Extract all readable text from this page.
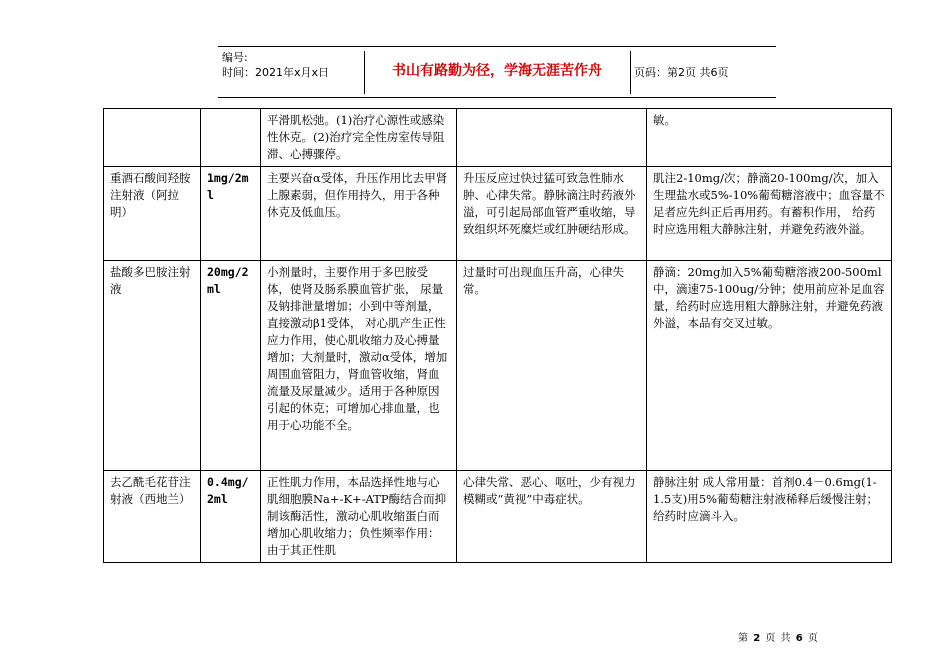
编号:
时间：2021年x月x日	书山有路勤为径，学海无涯苦作舟	页码：第2页 共6页
		平滑肌松弛。(1)治疗心源性或感染性休克。(2)治疗完全性房室传导阻滞、心搏骤停。		敏。
重酒石酸间羟胺注射液（阿拉明）	1mg/2ml	主要兴奋α受体，升压作用比去甲肾上腺素弱，但作用持久，用于各种休克及低血压。	升压反应过快过猛可致急性肺水肿、心律失常。静脉滴注时药液外溢，可引起局部血管严重收缩，导致组织坏死糜烂或红肿硬结形成。	肌注2-10mg/次；静滴20-100mg/次，加入生理盐水或5%-10%葡萄糖溶液中；血容量不足者应先纠正后再用药。有蓄积作用， 给药时应选用粗大静脉注射，并避免药液外溢。
盐酸多巴胺注射液	20mg/2ml	小剂量时，主要作用于多巴胺受体，使肾及肠系膜血管扩张， 尿量及钠排泄量增加；小到中等剂量，直接激动β1受体， 对心肌产生正性应力作用，使心肌收缩力及心搏量增加；大剂量时，激动α受体，增加周围血管阻力，肾血管收缩，肾血流量及尿量减少。适用于各种原因引起的休克；可增加心排血量，也用于心功能不全。	过量时可出现血压升高，心律失常。	静滴：20mg加入5%葡萄糖溶液200-500ml中，滴速75-100ug/分钟；使用前应补足血容量，给药时应选用粗大静脉注射，并避免药液外溢，本品有交叉过敏。
去乙酰毛花苷注射液（西地兰）	0.4mg/2ml	正性肌力作用，本品选择性地与心肌细胞膜Na+-K+-ATP酶结合而抑制该酶活性，激动心肌收缩蛋白而增加心肌收缩力；负性频率作用：由于其正性肌	心律失常、恶心、呕吐，少有视力模糊或“黄视”中毒症状。	静脉注射 成人常用量：首剂0.4－0.6mg(1-1.5支)用5%葡萄糖注射液稀释后缓慢注射；给药时应滴斗入。
第 2 页 共 6 页
